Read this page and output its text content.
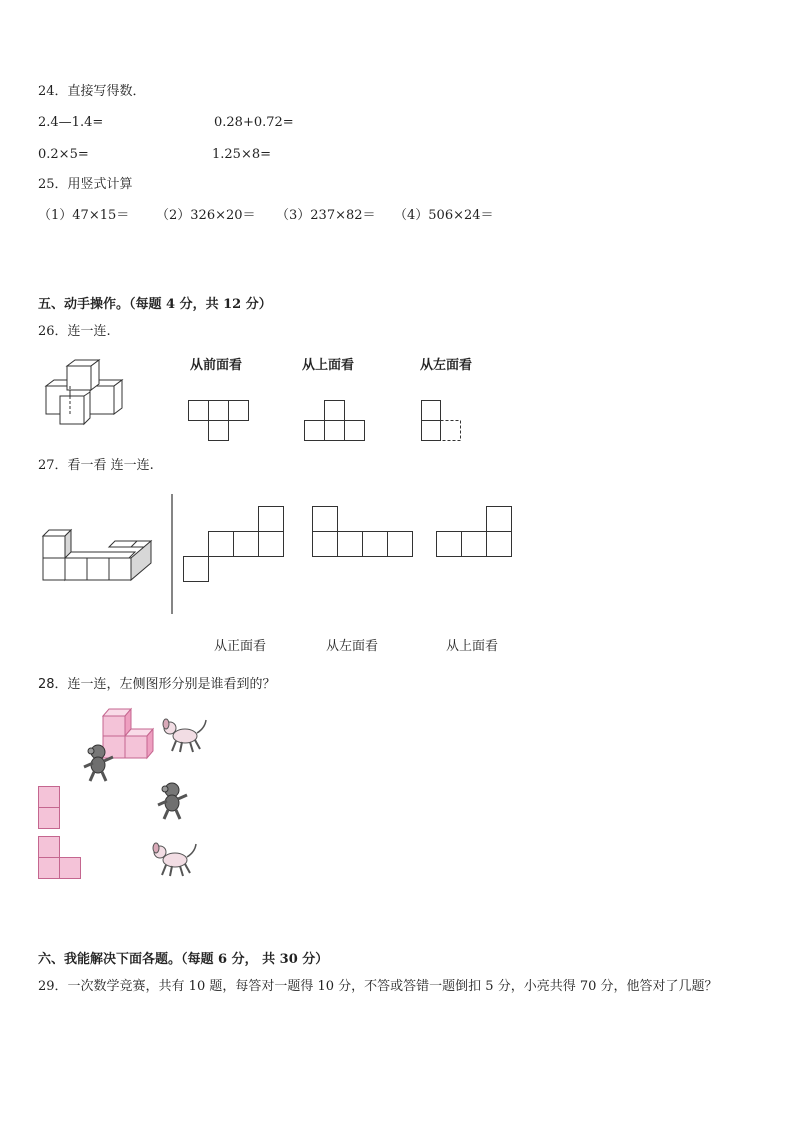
24．直接写得数．
2.4—1.4=	0.28+0.72=
0.2×5=	1.25×8=
25．用竖式计算
（1）47×15＝ （2）326×20＝ （3）237×82＝ （4）506×24＝
五、动手操作。（每题 4 分，共 12 分）
26．连一连.
从前面看	从上面看	从左面看
27．看一看 连一连.
从正面看	从左面看	从上面看
28．连一连，左侧图形分别是谁看到的？
六、我能解决下面各题。（每题 6 分， 共 30 分）
29．一次数学竞赛，共有 10 题，每答对一题得 10 分，不答或答错一题倒扣 5 分，小亮共得 70 分，他答对了几题？
